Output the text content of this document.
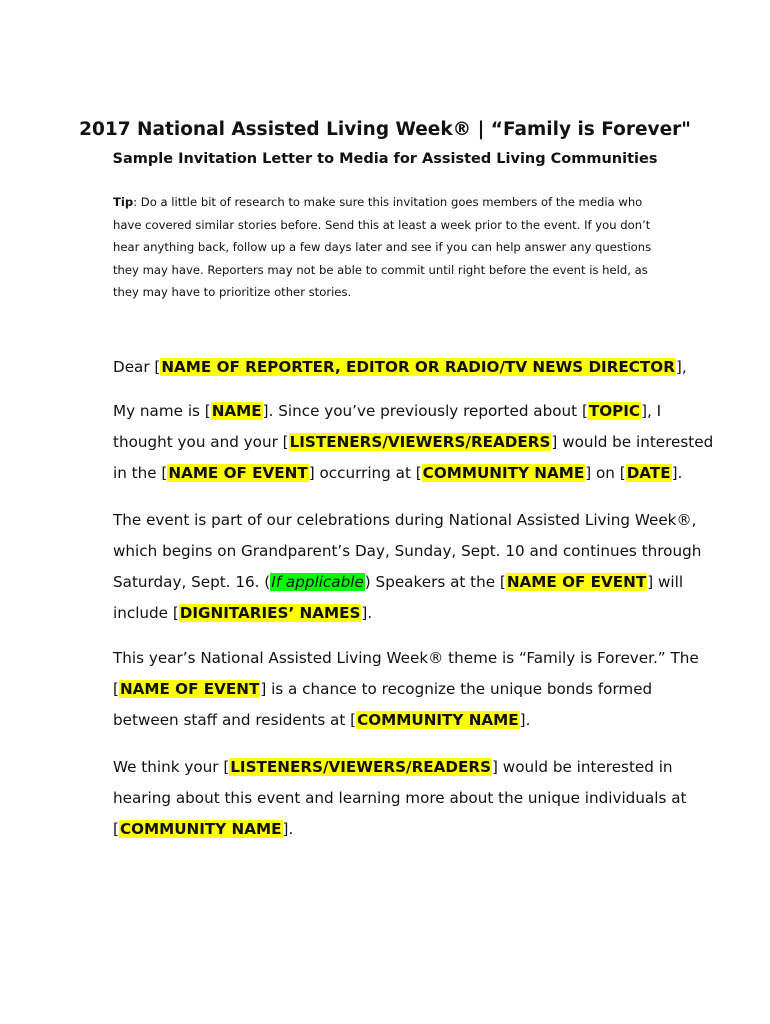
2017 National Assisted Living Week® | “Family is Forever"
Sample Invitation Letter to Media for Assisted Living Communities
Tip: Do a little bit of research to make sure this invitation goes members of the media who have covered similar stories before. Send this at least a week prior to the event. If you don’t hear anything back, follow up a few days later and see if you can help answer any questions they may have. Reporters may not be able to commit until right before the event is held, as they may have to prioritize other stories.
Dear [NAME OF REPORTER, EDITOR OR RADIO/TV NEWS DIRECTOR],
My name is [NAME]. Since you’ve previously reported about [TOPIC], I
thought you and your [LISTENERS/VIEWERS/READERS] would be interested
in the [NAME OF EVENT] occurring at [COMMUNITY NAME] on [DATE].
The event is part of our celebrations during National Assisted Living Week®,
which begins on Grandparent’s Day, Sunday, Sept. 10 and continues through
Saturday, Sept. 16. (If applicable) Speakers at the [NAME OF EVENT] will
include [DIGNITARIES’ NAMES].
This year’s National Assisted Living Week® theme is “Family is Forever.” The
[NAME OF EVENT] is a chance to recognize the unique bonds formed
between staff and residents at [COMMUNITY NAME].
We think your [LISTENERS/VIEWERS/READERS] would be interested in
hearing about this event and learning more about the unique individuals at
[COMMUNITY NAME].
